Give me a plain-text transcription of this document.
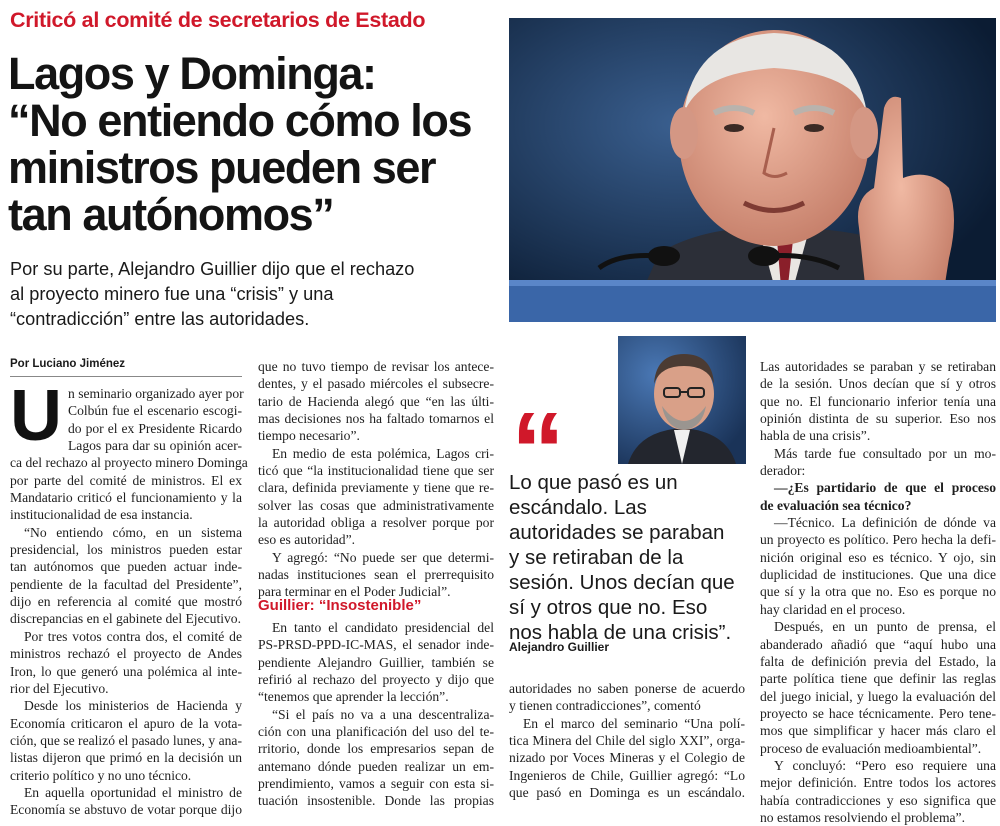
Criticó al comité de secretarios de Estado
Lagos y Dominga:
“No entiendo cómo los
ministros pueden ser
tan autónomos”
Por su parte, Alejandro Guillier dijo que el rechazo
al proyecto minero fue una “crisis” y una
“contradicción” entre las autoridades.
Por Luciano Jiménez
U n seminario organizado ayer por
Colbún fue el escenario escogi-
do por el ex Presidente Ricardo
Lagos para dar su opinión acer-
ca del rechazo al proyecto minero Dominga
por parte del comité de ministros. El ex
Mandatario criticó el funcionamiento y la
institucionalidad de esa instancia.
“No entiendo cómo, en un sistema
presidencial, los ministros pueden estar
tan autónomos que pueden actuar inde-
pendiente de la facultad del Presidente”,
dijo en referencia al comité que mostró
discrepancias en el gabinete del Ejecutivo.
Por tres votos contra dos, el comité de
ministros rechazó el proyecto de Andes
Iron, lo que generó una polémica al inte-
rior del Ejecutivo.
Desde los ministerios de Hacienda y
Economía criticaron el apuro de la vota-
ción, que se realizó el pasado lunes, y ana-
listas dijeron que primó en la decisión un
criterio político y no uno técnico.
En aquella oportunidad el ministro de
Economía se abstuvo de votar porque dijo
que no tuvo tiempo de revisar los antece-
dentes, y el pasado miércoles el subsecre-
tario de Hacienda alegó que “en las últi-
mas decisiones nos ha faltado tomarnos el
tiempo necesario”.
En medio de esta polémica, Lagos cri-
ticó que “la institucionalidad tiene que ser
clara, definida previamente y tiene que re-
solver las cosas que administrativamente
la autoridad obliga a resolver porque por
eso es autoridad”.
Y agregó: “No puede ser que determi-
nadas instituciones sean el prerrequisito
para terminar en el Poder Judicial”.
Guillier: “Insostenible”
En tanto el candidato presidencial del
PS-PRSD-PPD-IC-MAS, el senador inde-
pendiente Alejandro Guillier, también se
refirió al rechazo del proyecto y dijo que
“tenemos que aprender la lección”.
“Si el país no va a una descentraliza-
ción con una planificación del uso del te-
rritorio, donde los empresarios sepan de
antemano dónde pueden realizar un em-
prendimiento, vamos a seguir con esta si-
tuación insostenible. Donde las propias
“
Lo que pasó es un
escándalo. Las
autoridades se paraban
y se retiraban de la
sesión. Unos decían que
sí y otros que no. Eso
nos habla de una crisis”.
Alejandro Guillier
autoridades no saben ponerse de acuerdo
y tienen contradicciones”, comentó
En el marco del seminario “Una polí-
tica Minera del Chile del siglo XXI”, orga-
nizado por Voces Mineras y el Colegio de
Ingenieros de Chile, Guillier agregó: “Lo
que pasó en Dominga es un escándalo.
Las autoridades se paraban y se retiraban
de la sesión. Unos decían que sí y otros
que no. El funcionario inferior tenía una
opinión distinta de su superior. Eso nos
habla de una crisis”.
Más tarde fue consultado por un mo-
derador:
—¿Es partidario de que el proceso
de evaluación sea técnico?
—Técnico. La definición de dónde va
un proyecto es político. Pero hecha la defi-
nición original eso es técnico. Y ojo, sin
duplicidad de instituciones. Que una dice
que sí y la otra que no. Eso es porque no
hay claridad en el proceso.
Después, en un punto de prensa, el
abanderado añadió que “aquí hubo una
falta de definición previa del Estado, la
parte política tiene que definir las reglas
del juego inicial, y luego la evaluación del
proyecto se hace técnicamente. Pero tene-
mos que simplificar y hacer más claro el
proceso de evaluación medioambiental”.
Y concluyó: “Pero eso requiere una
mejor definición. Entre todos los actores
había contradicciones y eso significa que
no estamos resolviendo el problema”.
